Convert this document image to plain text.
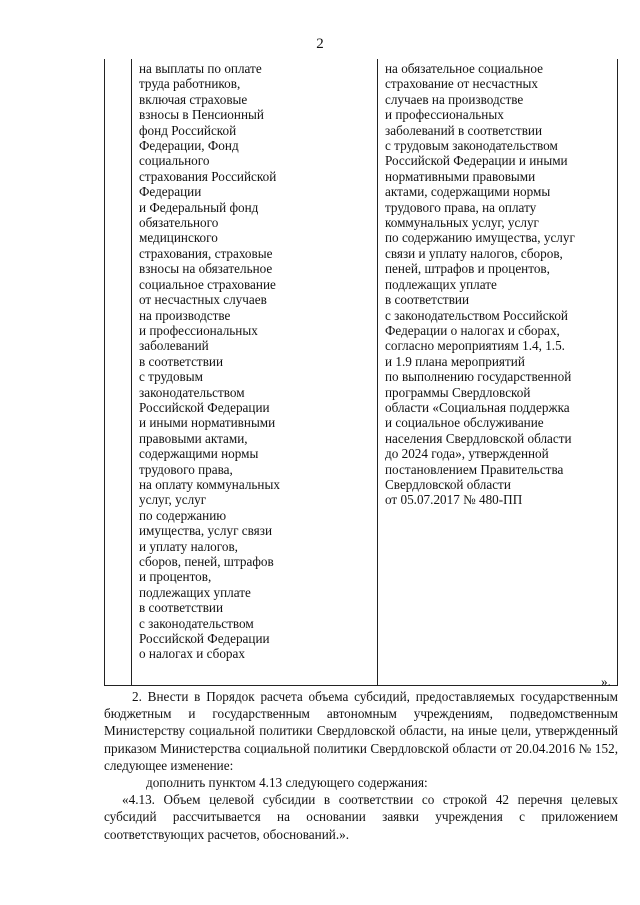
2
на выплаты по оплате
труда работников,
включая страховые
взносы в Пенсионный
фонд Российской
Федерации, Фонд
социального
страхования Российской
Федерации
и Федеральный фонд
обязательного
медицинского
страхования, страховые
взносы на обязательное
социальное страхование
от несчастных случаев
на производстве
и профессиональных
заболеваний
в соответствии
с трудовым
законодательством
Российской Федерации
и иными нормативными
правовыми актами,
содержащими нормы
трудового права,
на оплату коммунальных
услуг, услуг
по содержанию
имущества, услуг связи
и уплату налогов,
сборов, пеней, штрафов
и процентов,
подлежащих уплате
в соответствии
с законодательством
Российской Федерации
о налогах и сборах
на обязательное социальное
страхование от несчастных
случаев на производстве
и профессиональных
заболеваний в соответствии
с трудовым законодательством
Российской Федерации и иными
нормативными правовыми
актами, содержащими нормы
трудового права, на оплату
коммунальных услуг, услуг
по содержанию имущества, услуг
связи и уплату налогов, сборов,
пеней, штрафов и процентов,
подлежащих уплате
в соответствии
с законодательством Российской
Федерации о налогах и сборах,
согласно мероприятиям 1.4, 1.5.
и 1.9 плана мероприятий
по выполнению государственной
программы Свердловской
области «Социальная поддержка
и социальное обслуживание
населения Свердловской области
до 2024 года», утвержденной
постановлением Правительства
Свердловской области
от 05.07.2017 № 480-ПП
».

2. Внести в Порядок расчета объема субсидий, предоставляемых государственным бюджетным и государственным автономным учреждениям, подведомственным Министерству социальной политики Свердловской области, на иные цели, утвержденный приказом Министерства социальной политики Свердловской области от 20.04.2016 № 152, следующее изменение:

дополнить пунктом 4.13 следующего содержания:

«4.13. Объем целевой субсидии в соответствии со строкой 42 перечня целевых субсидий рассчитывается на основании заявки учреждения с приложением соответствующих расчетов, обоснований.».
